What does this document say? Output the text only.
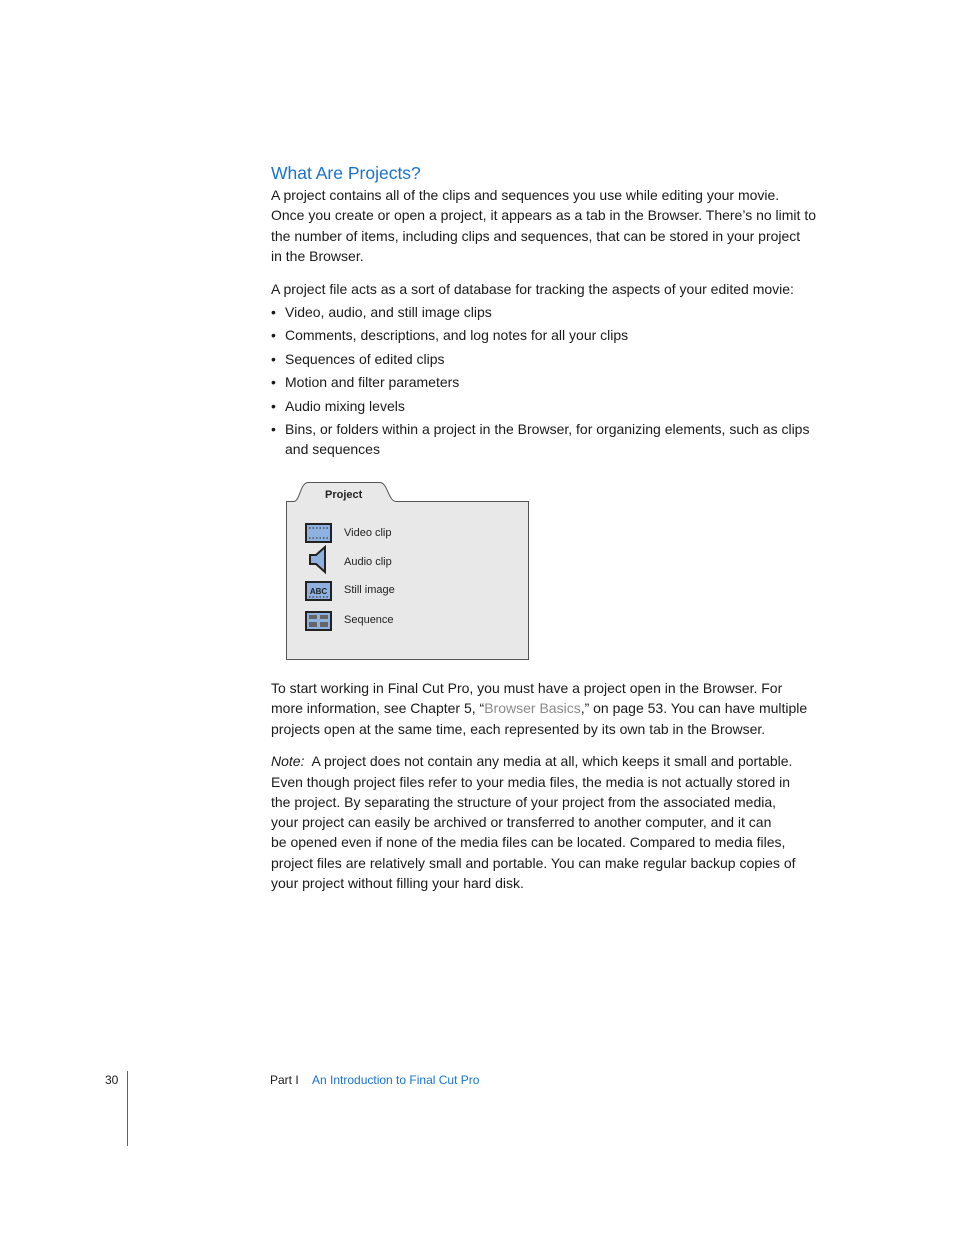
What Are Projects?
A project contains all of the clips and sequences you use while editing your movie.
Once you create or open a project, it appears as a tab in the Browser. There’s no limit to
the number of items, including clips and sequences, that can be stored in your project
in the Browser.
A project file acts as a sort of database for tracking the aspects of your edited movie:
• Video, audio, and still image clips
• Comments, descriptions, and log notes for all your clips
• Sequences of edited clips
• Motion and filter parameters
• Audio mixing levels
• Bins, or folders within a project in the Browser, for organizing elements, such as clips
and sequences
Project
ABC
Video clip
Audio clip
Still image
Sequence
To start working in Final Cut Pro, you must have a project open in the Browser. For
more information, see Chapter 5, “Browser Basics,” on page 53. You can have multiple
projects open at the same time, each represented by its own tab in the Browser.
Note: A project does not contain any media at all, which keeps it small and portable.
Even though project files refer to your media files, the media is not actually stored in
the project. By separating the structure of your project from the associated media,
your project can easily be archived or transferred to another computer, and it can
be opened even if none of the media files can be located. Compared to media files,
project files are relatively small and portable. You can make regular backup copies of
your project without filling your hard disk.
30	Part I An Introduction to Final Cut Pro
